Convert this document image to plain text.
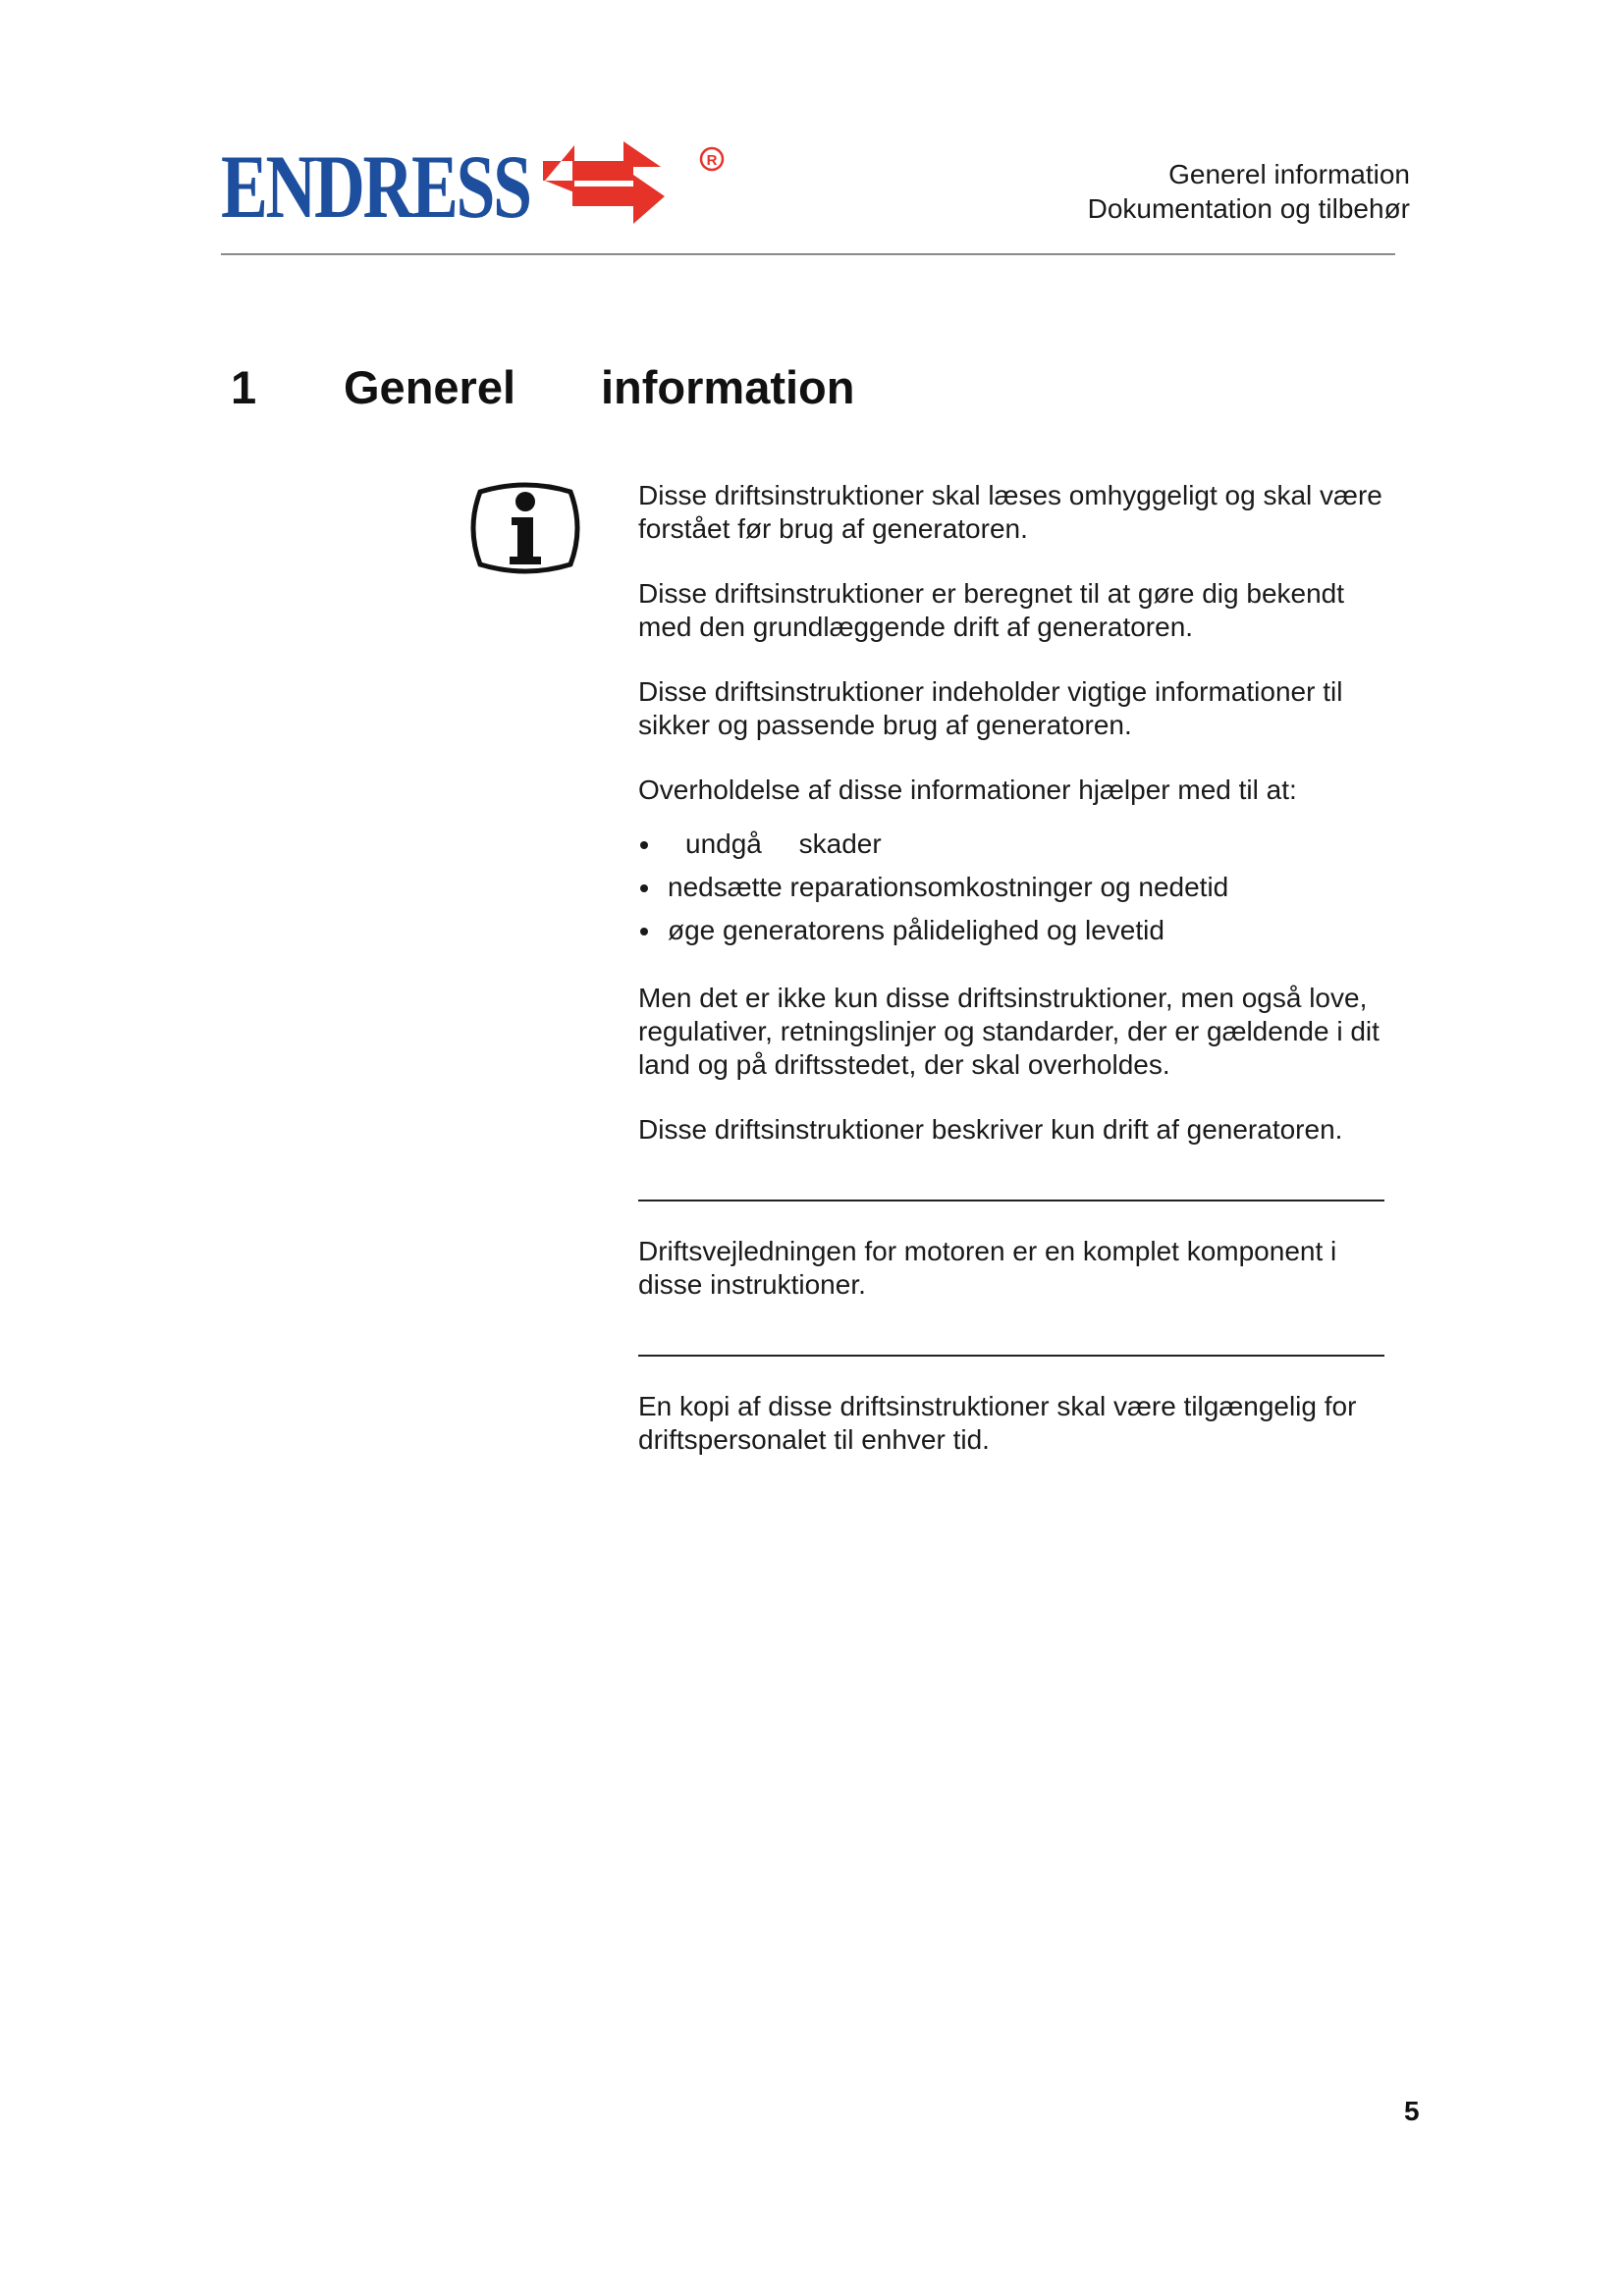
ENDRESS	R	Generel information
Dokumentation og tilbehør
1 Generel information

Disse driftsinstruktioner skal læses omhyggeligt og skal være forstået før brug af generatoren.

Disse driftsinstruktioner er beregnet til at gøre dig bekendt med den grundlæggende drift af generatoren.

Disse driftsinstruktioner indeholder vigtige informationer til sikker og passende brug af generatoren.

Overholdelse af disse informationer hjælper med til at:

undgå skader
nedsætte reparationsomkostninger og nedetid
øge generatorens pålidelighed og levetid

Men det er ikke kun disse driftsinstruktioner, men også love, regulativer, retningslinjer og standarder, der er gældende i dit land og på driftsstedet, der skal overholdes.

Disse driftsinstruktioner beskriver kun drift af generatoren.

Driftsvejledningen for motoren er en komplet komponent i disse instruktioner.

En kopi af disse driftsinstruktioner skal være tilgængelig for driftspersonalet til enhver tid.

5
